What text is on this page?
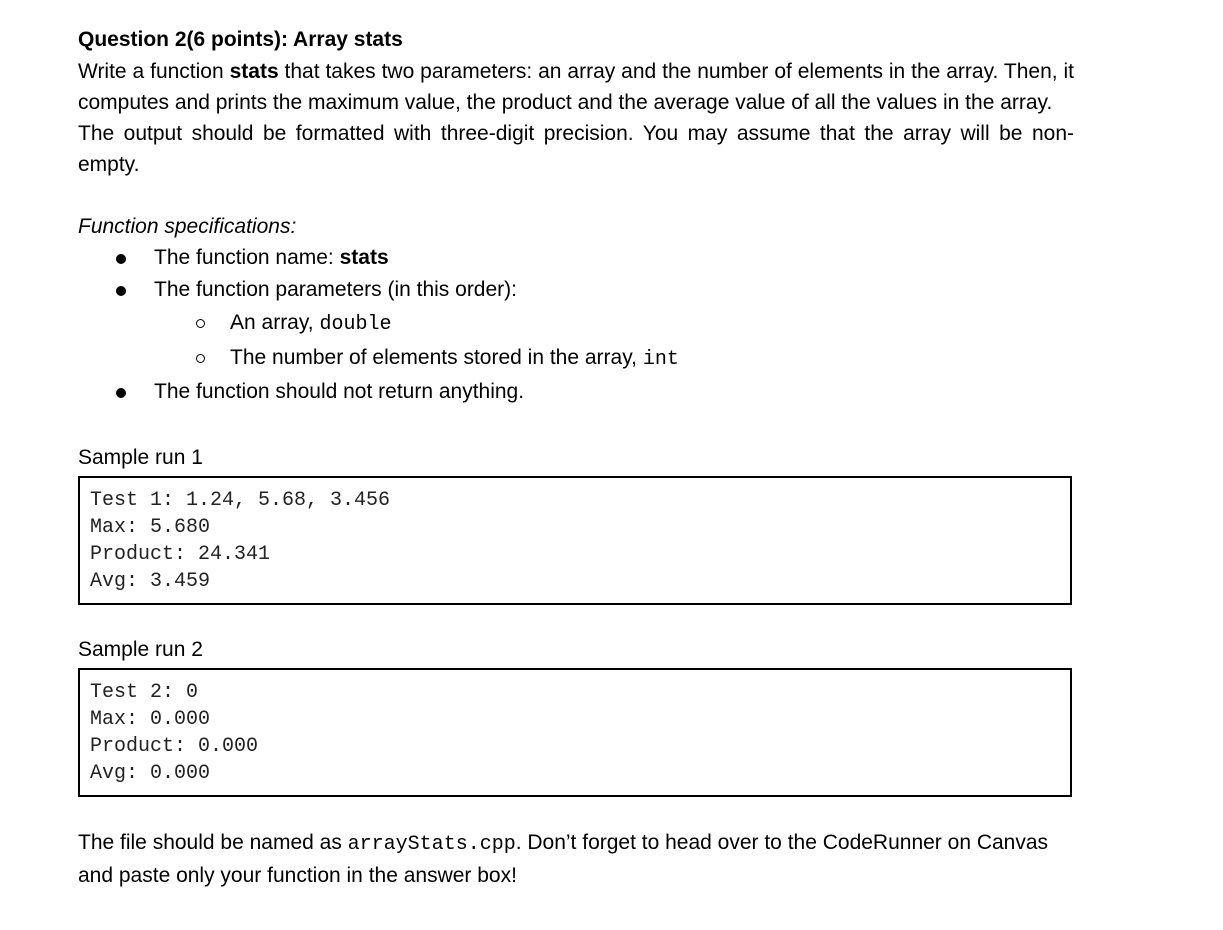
Question 2(6 points): Array stats

Write a function stats that takes two parameters: an array and the number of elements in the array. Then, it computes and prints the maximum value, the product and the average value of all the values in the array.

The output should be formatted with three-digit precision. You may assume that the array will be non-empty.

Function specifications:

The function name: stats
The function parameters (in this order):
An array, double
The number of elements stored in the array, int
The function should not return anything.

Sample run 1

Test 1: 1.24, 5.68, 3.456
Max: 5.680
Product: 24.341
Avg: 3.459

Sample run 2

Test 2: 0
Max: 0.000
Product: 0.000
Avg: 0.000

The file should be named as arrayStats.cpp. Don’t forget to head over to the CodeRunner on Canvas and paste only your function in the answer box!
